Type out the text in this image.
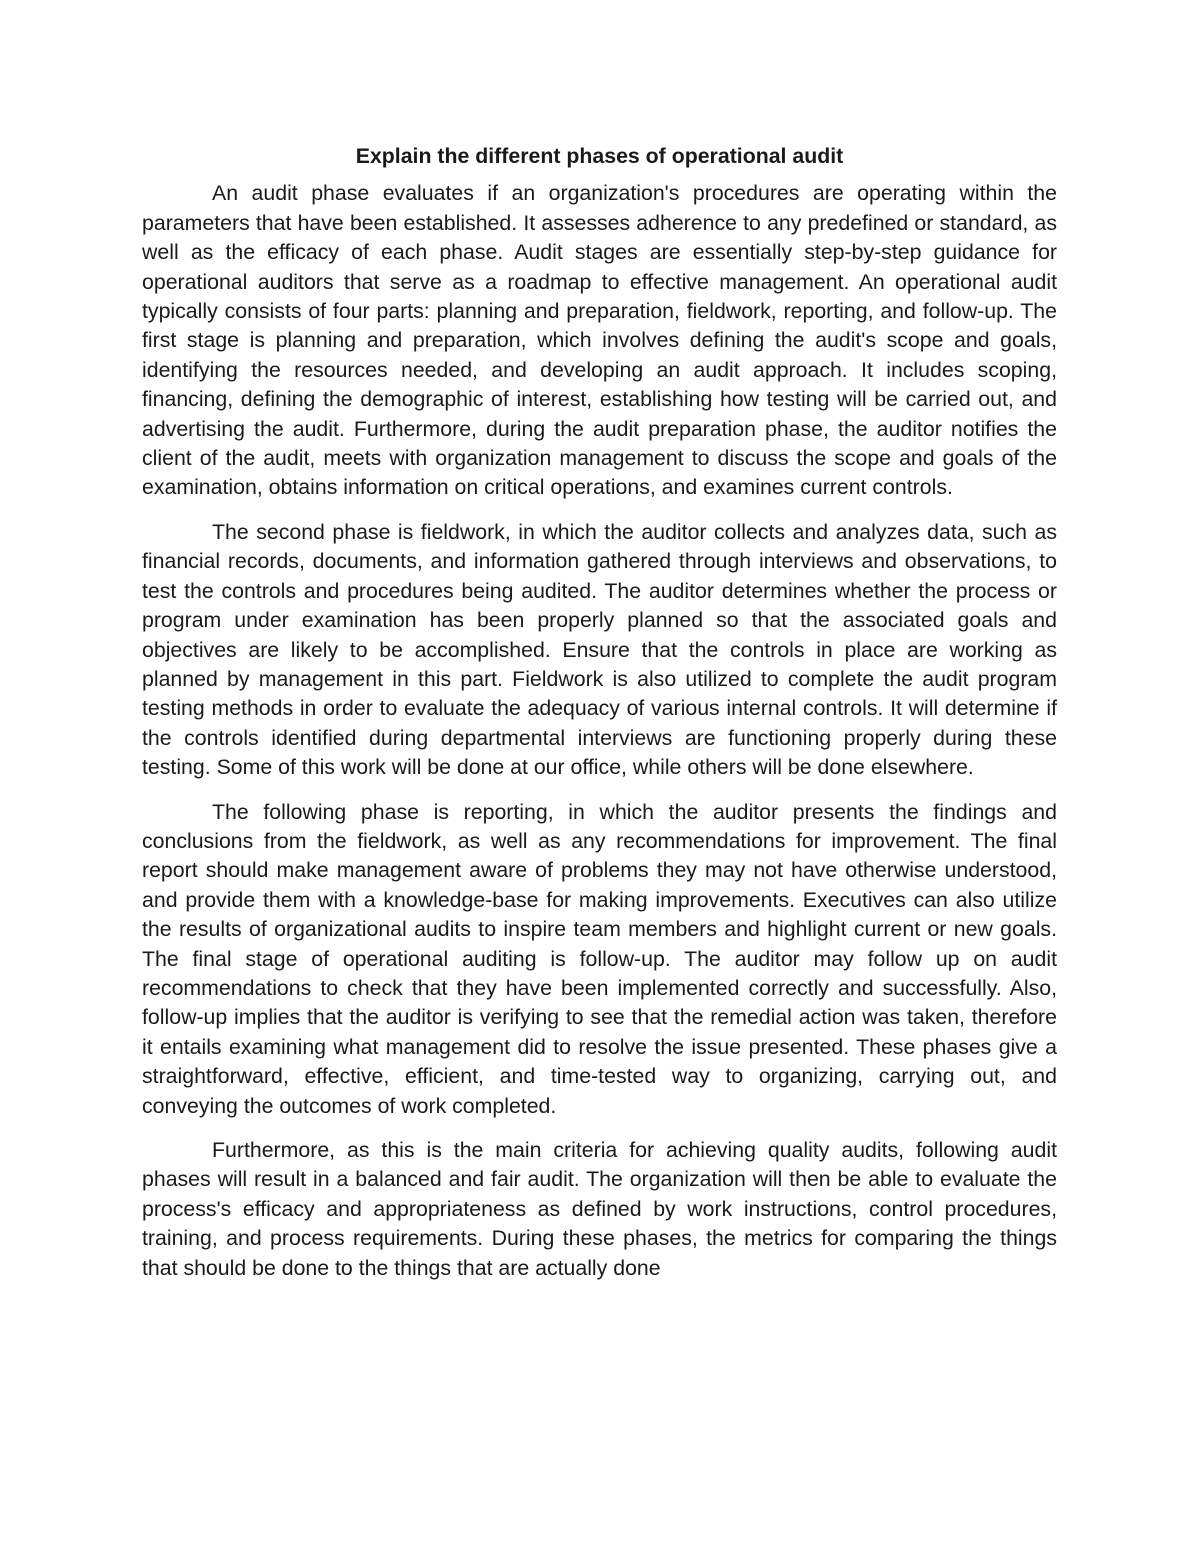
Explain the different phases of operational audit

An audit phase evaluates if an organization's procedures are operating within the parameters that have been established. It assesses adherence to any predefined or standard, as well as the efficacy of each phase. Audit stages are essentially step-by-step guidance for operational auditors that serve as a roadmap to effective management. An operational audit typically consists of four parts: planning and preparation, fieldwork, reporting, and follow-up. The first stage is planning and preparation, which involves defining the audit's scope and goals, identifying the resources needed, and developing an audit approach. It includes scoping, financing, defining the demographic of interest, establishing how testing will be carried out, and advertising the audit. Furthermore, during the audit preparation phase, the auditor notifies the client of the audit, meets with organization management to discuss the scope and goals of the examination, obtains information on critical operations, and examines current controls.

The second phase is fieldwork, in which the auditor collects and analyzes data, such as financial records, documents, and information gathered through interviews and observations, to test the controls and procedures being audited. The auditor determines whether the process or program under examination has been properly planned so that the associated goals and objectives are likely to be accomplished. Ensure that the controls in place are working as planned by management in this part. Fieldwork is also utilized to complete the audit program testing methods in order to evaluate the adequacy of various internal controls. It will determine if the controls identified during departmental interviews are functioning properly during these testing. Some of this work will be done at our office, while others will be done elsewhere.

The following phase is reporting, in which the auditor presents the findings and conclusions from the fieldwork, as well as any recommendations for improvement. The final report should make management aware of problems they may not have otherwise understood, and provide them with a knowledge-base for making improvements. Executives can also utilize the results of organizational audits to inspire team members and highlight current or new goals. The final stage of operational auditing is follow-up. The auditor may follow up on audit recommendations to check that they have been implemented correctly and successfully. Also, follow-up implies that the auditor is verifying to see that the remedial action was taken, therefore it entails examining what management did to resolve the issue presented. These phases give a straightforward, effective, efficient, and time-tested way to organizing, carrying out, and conveying the outcomes of work completed.

Furthermore, as this is the main criteria for achieving quality audits, following audit phases will result in a balanced and fair audit. The organization will then be able to evaluate the process's efficacy and appropriateness as defined by work instructions, control procedures, training, and process requirements. During these phases, the metrics for comparing the things that should be done to the things that are actually done
